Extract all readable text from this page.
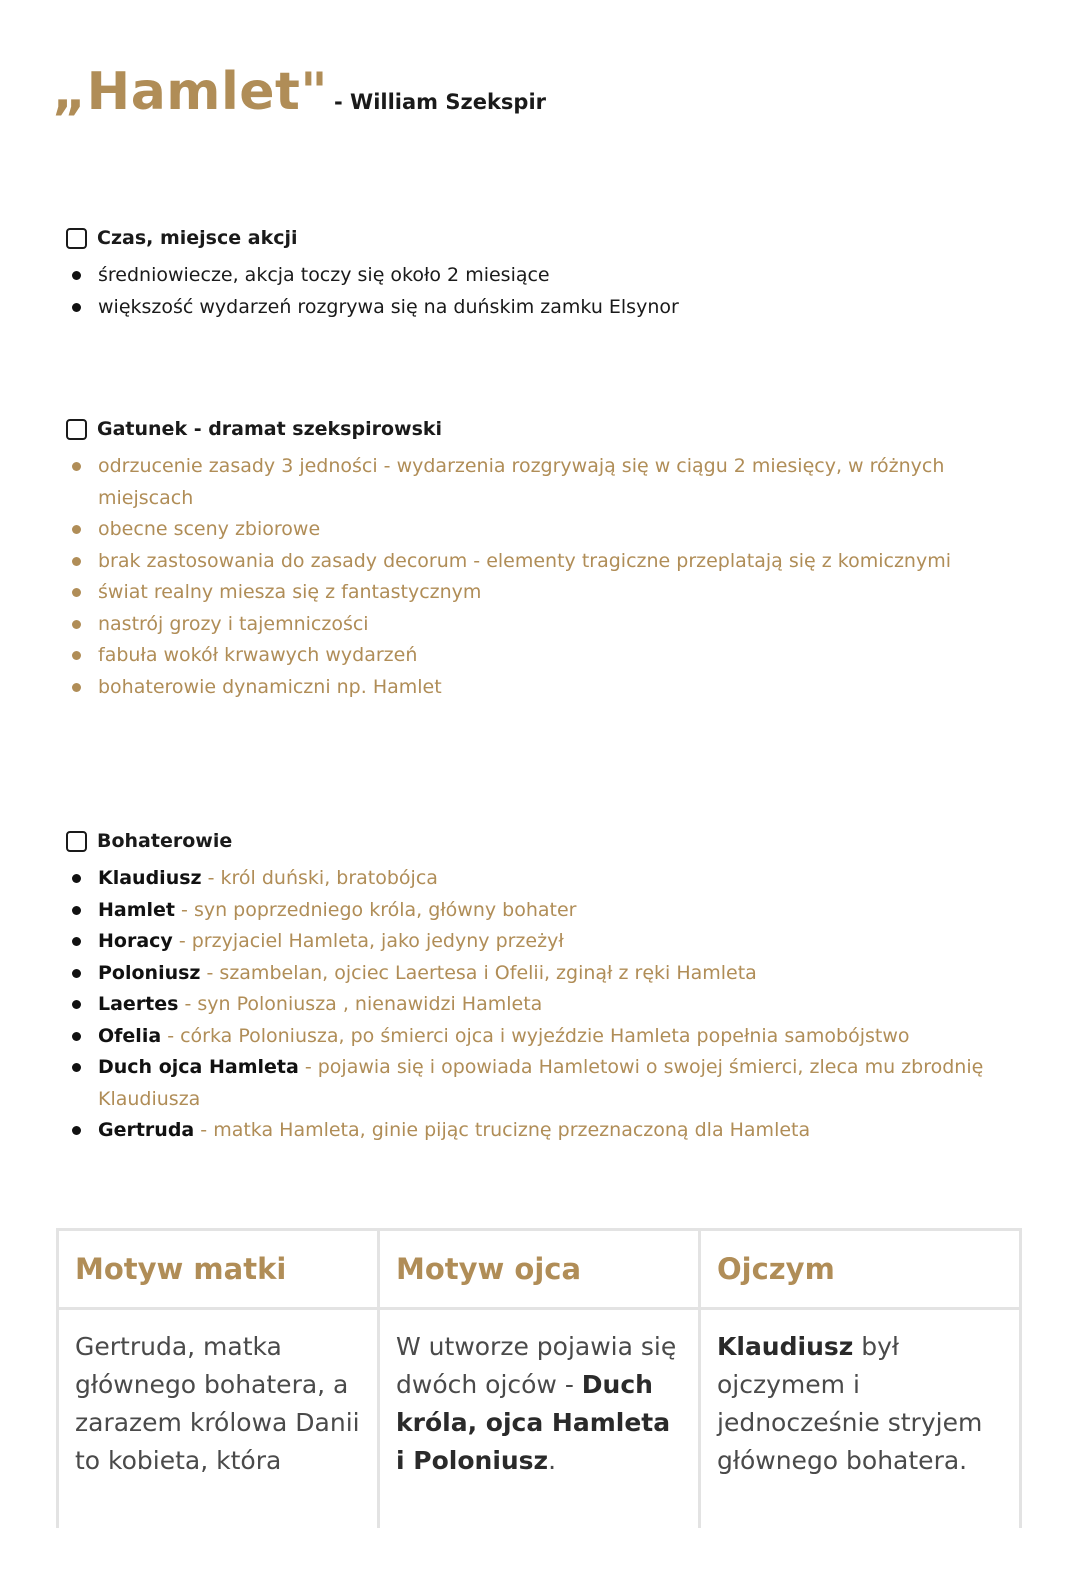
„Hamlet" - William Szekspir
Czas, miejsce akcji
średniowiecze, akcja toczy się około 2 miesiące
większość wydarzeń rozgrywa się na duńskim zamku Elsynor
Gatunek - dramat szekspirowski
odrzucenie zasady 3 jedności - wydarzenia rozgrywają się w ciągu 2 miesięcy, w różnych miejscach
obecne sceny zbiorowe
brak zastosowania do zasady decorum - elementy tragiczne przeplatają się z komicznymi
świat realny miesza się z fantastycznym
nastrój grozy i tajemniczości
fabuła wokół krwawych wydarzeń
bohaterowie dynamiczni np. Hamlet
Bohaterowie
Klaudiusz - król duński, bratobójca
Hamlet - syn poprzedniego króla, główny bohater
Horacy - przyjaciel Hamleta, jako jedyny przeżył
Poloniusz - szambelan, ojciec Laertesa i Ofelii, zginął z ręki Hamleta
Laertes - syn Poloniusza , nienawidzi Hamleta
Ofelia - córka Poloniusza, po śmierci ojca i wyjeździe Hamleta popełnia samobójstwo
Duch ojca Hamleta - pojawia się i opowiada Hamletowi o swojej śmierci, zleca mu zbrodnię Klaudiusza
Gertruda - matka Hamleta, ginie pijąc truciznę przeznaczoną dla Hamleta
Motyw matki	Motyw ojca	Ojczym
Gertruda, matka głównego bohatera, a zarazem królowa Danii to kobieta, która	W utworze pojawia się dwóch ojców - Duch króla, ojca Hamleta i Poloniusz.	Klaudiusz był ojczymem i jednocześnie stryjem głównego bohatera.
